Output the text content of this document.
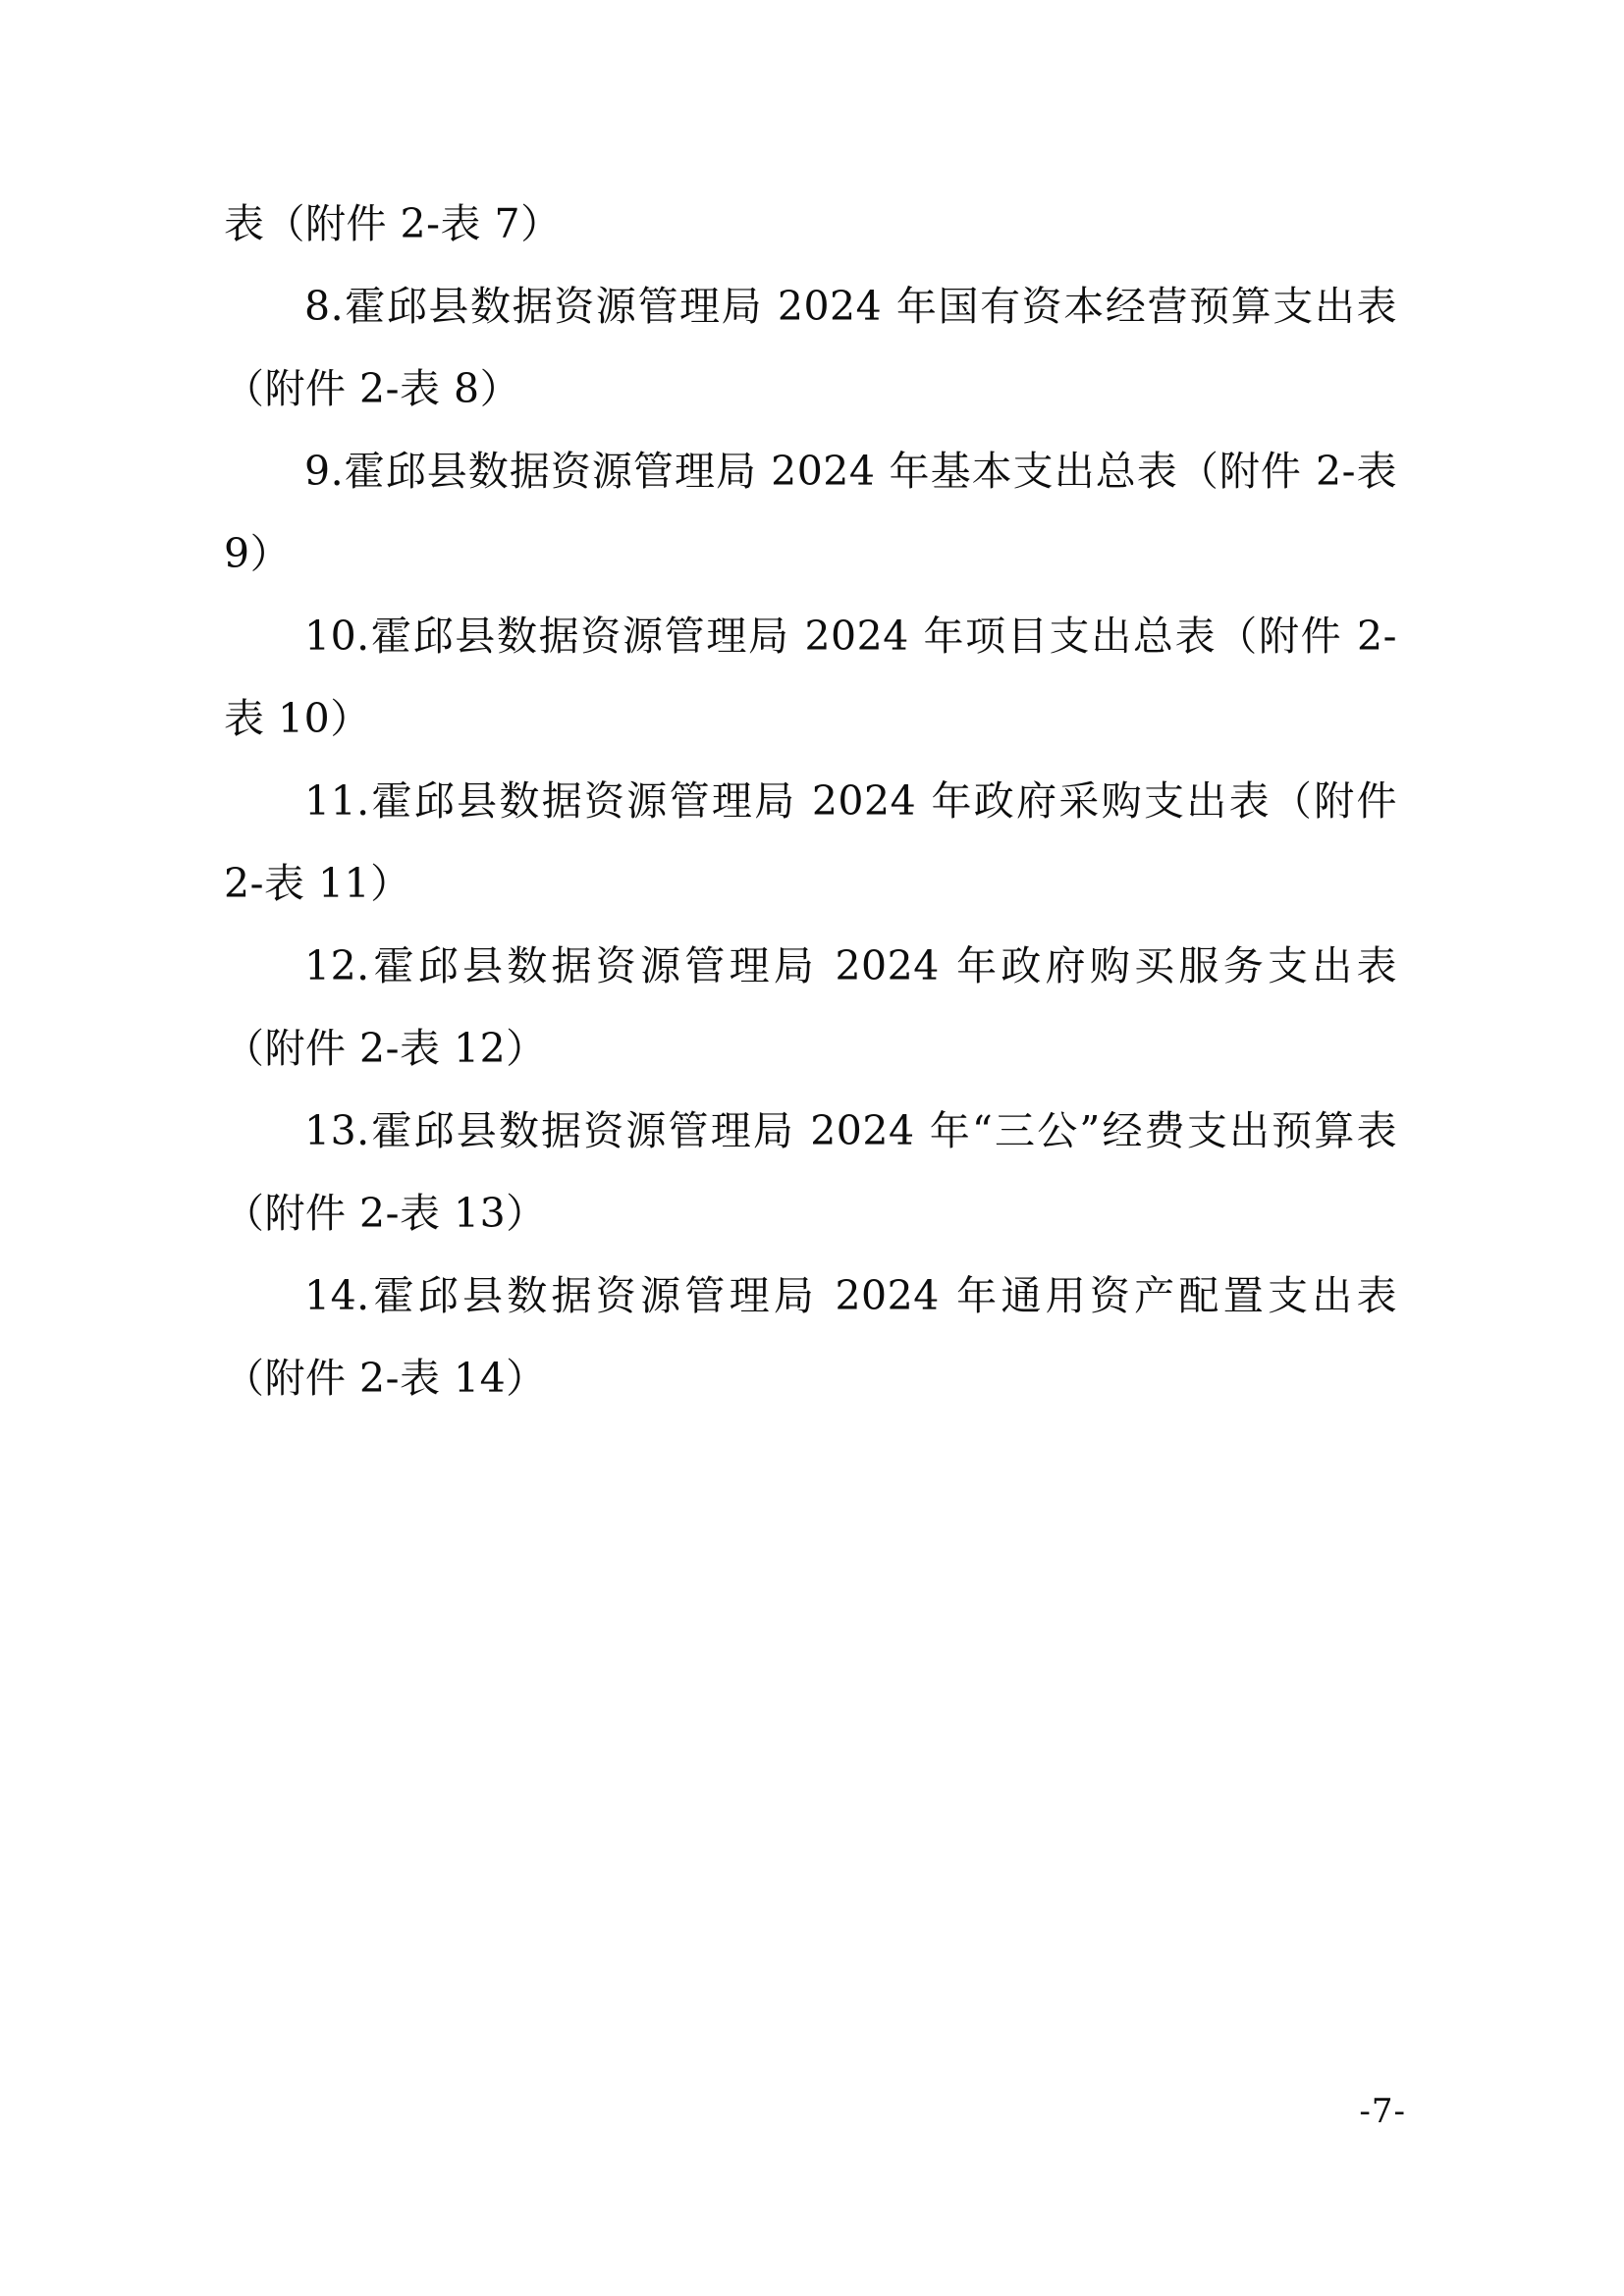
表（附件 2-表 7）

8.霍邱县数据资源管理局 2024 年国有资本经营预算支出表（附件 2-表 8）

9.霍邱县数据资源管理局 2024 年基本支出总表（附件 2-表 9）

10.霍邱县数据资源管理局 2024 年项目支出总表（附件 2-表 10）

11.霍邱县数据资源管理局 2024 年政府采购支出表（附件 2-表 11）

12.霍邱县数据资源管理局 2024 年政府购买服务支出表（附件 2-表 12）

13.霍邱县数据资源管理局 2024 年“三公”经费支出预算表（附件 2-表 13）

14.霍邱县数据资源管理局 2024 年通用资产配置支出表（附件 2-表 14）

-7-
